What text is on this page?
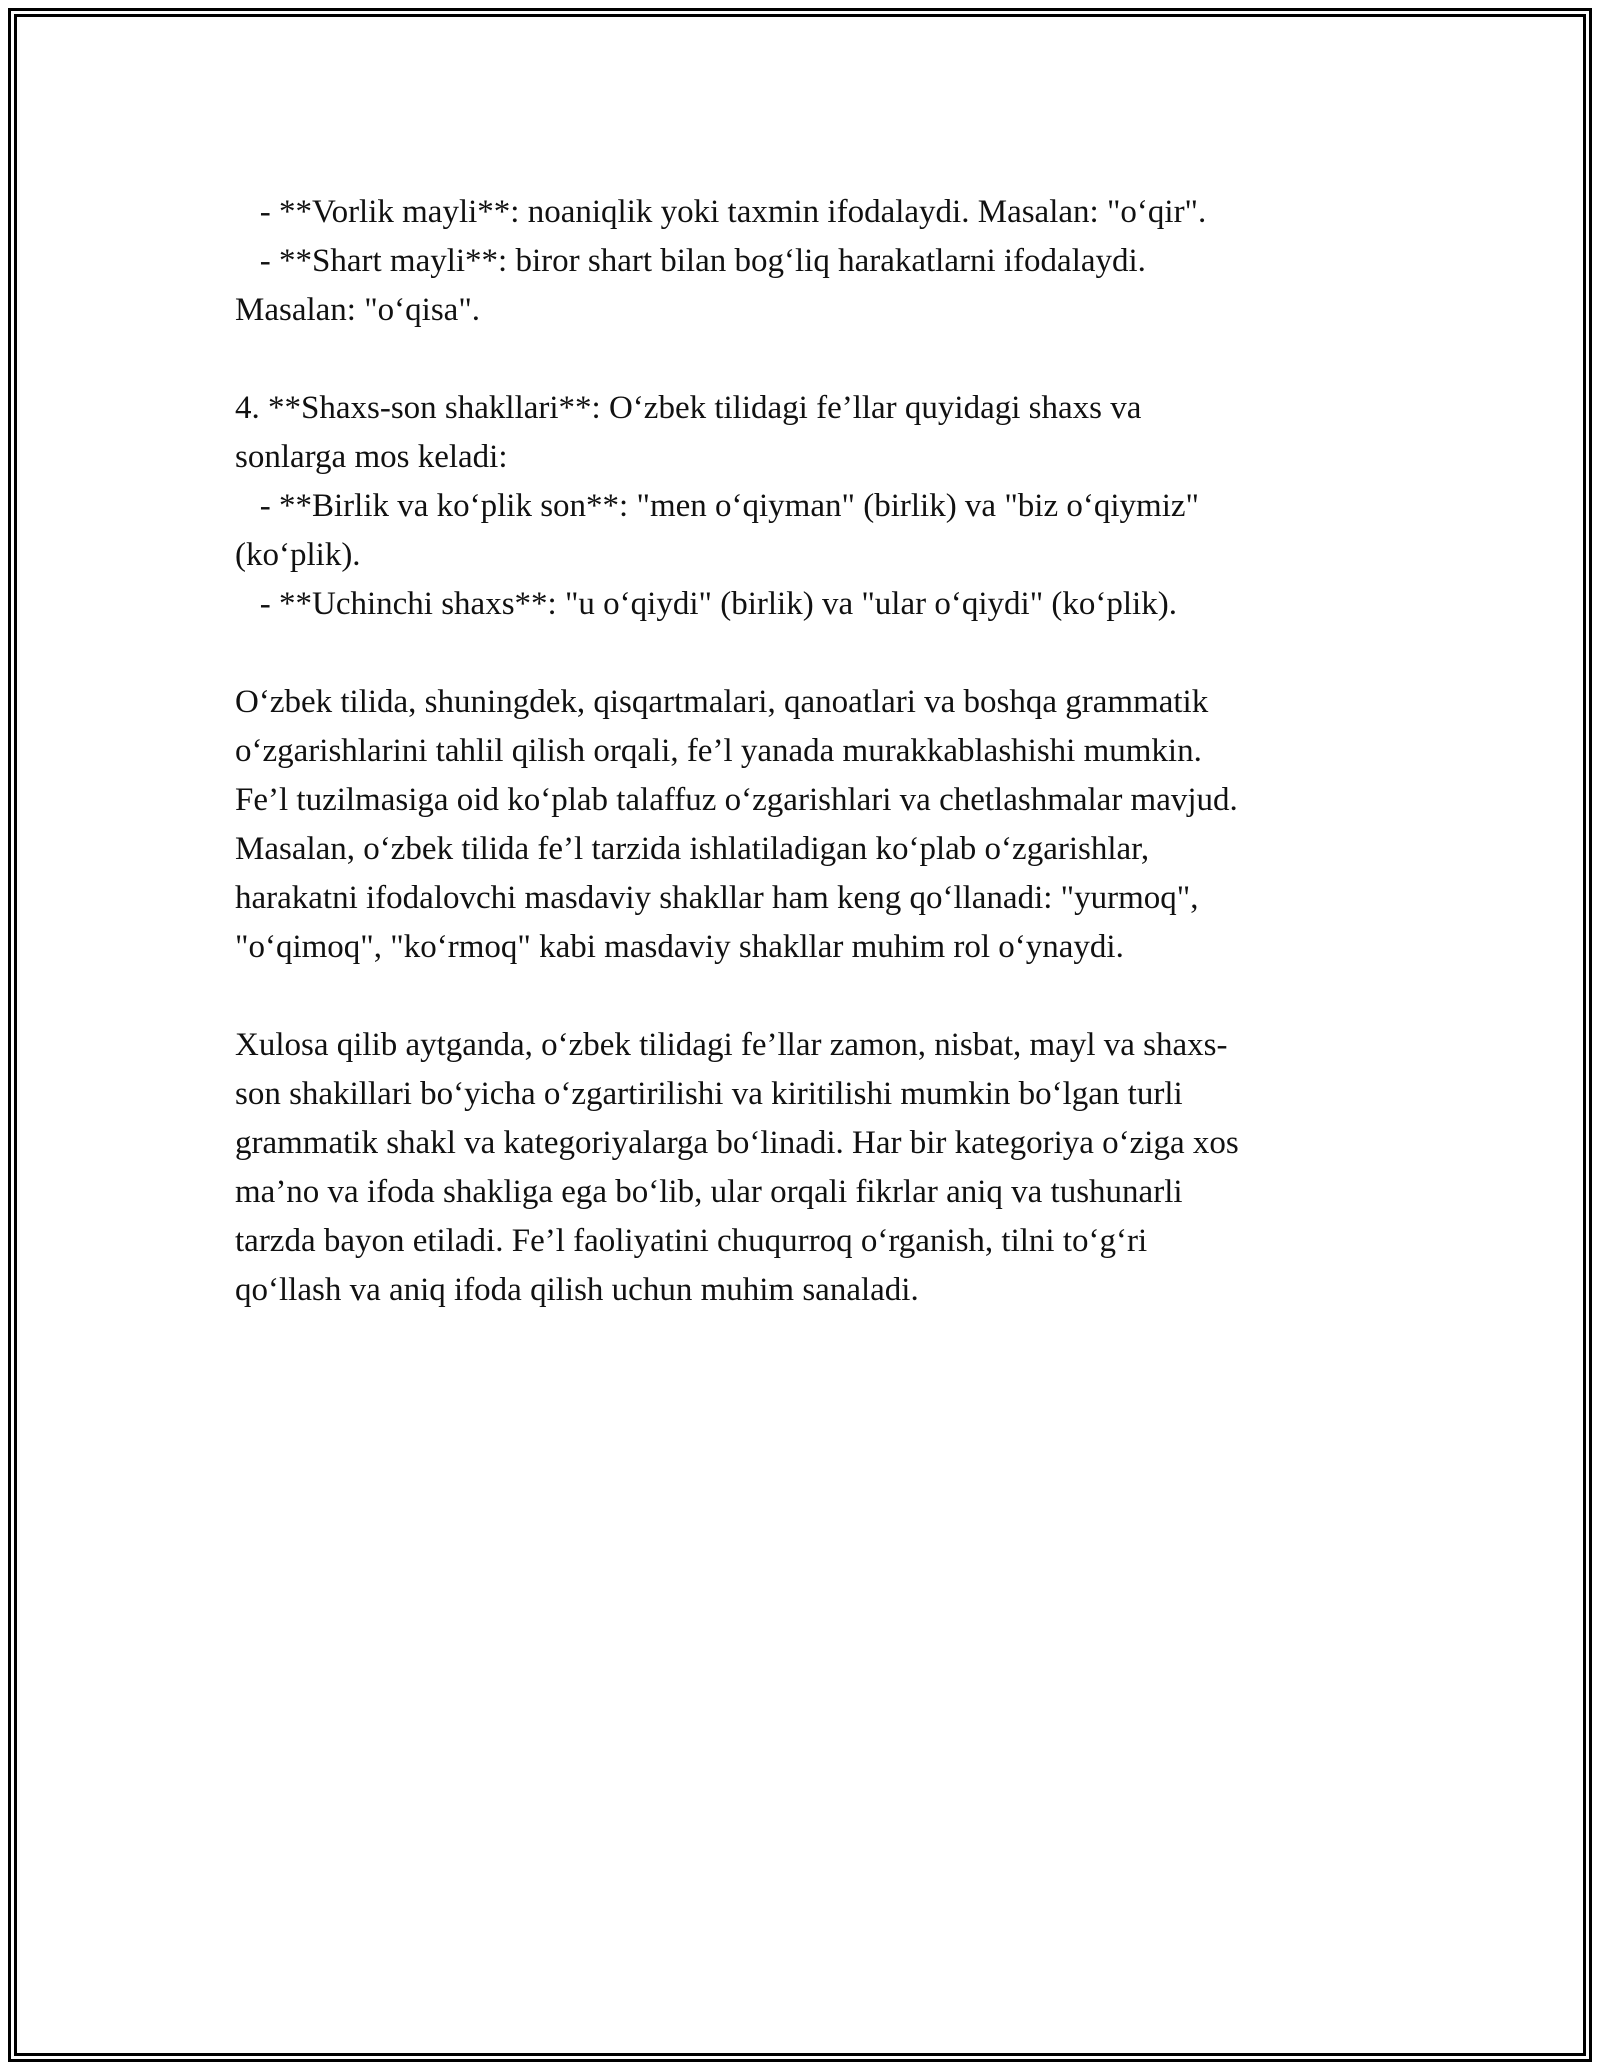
- **Vorlik mayli**: noaniqlik yoki taxmin ifodalaydi. Masalan: "o‘qir".
- **Shart mayli**: biror shart bilan bog‘liq harakatlarni ifodalaydi.
Masalan: "o‘qisa".
4. **Shaxs-son shakllari**: O‘zbek tilidagi fe’llar quyidagi shaxs va
sonlarga mos keladi:
- **Birlik va ko‘plik son**: "men o‘qiyman" (birlik) va "biz o‘qiymiz"
(ko‘plik).
- **Uchinchi shaxs**: "u o‘qiydi" (birlik) va "ular o‘qiydi" (ko‘plik).
O‘zbek tilida, shuningdek, qisqartmalari, qanoatlari va boshqa grammatik
o‘zgarishlarini tahlil qilish orqali, fe’l yanada murakkablashishi mumkin.
Fe’l tuzilmasiga oid ko‘plab talaffuz o‘zgarishlari va chetlashmalar mavjud.
Masalan, o‘zbek tilida fe’l tarzida ishlatiladigan ko‘plab o‘zgarishlar,
harakatni ifodalovchi masdaviy shakllar ham keng qo‘llanadi: "yurmoq",
"o‘qimoq", "ko‘rmoq" kabi masdaviy shakllar muhim rol o‘ynaydi.
Xulosa qilib aytganda, o‘zbek tilidagi fe’llar zamon, nisbat, mayl va shaxs-
son shakillari bo‘yicha o‘zgartirilishi va kiritilishi mumkin bo‘lgan turli
grammatik shakl va kategoriyalarga bo‘linadi. Har bir kategoriya o‘ziga xos
ma’no va ifoda shakliga ega bo‘lib, ular orqali fikrlar aniq va tushunarli
tarzda bayon etiladi. Fe’l faoliyatini chuqurroq o‘rganish, tilni to‘g‘ri
qo‘llash va aniq ifoda qilish uchun muhim sanaladi.
